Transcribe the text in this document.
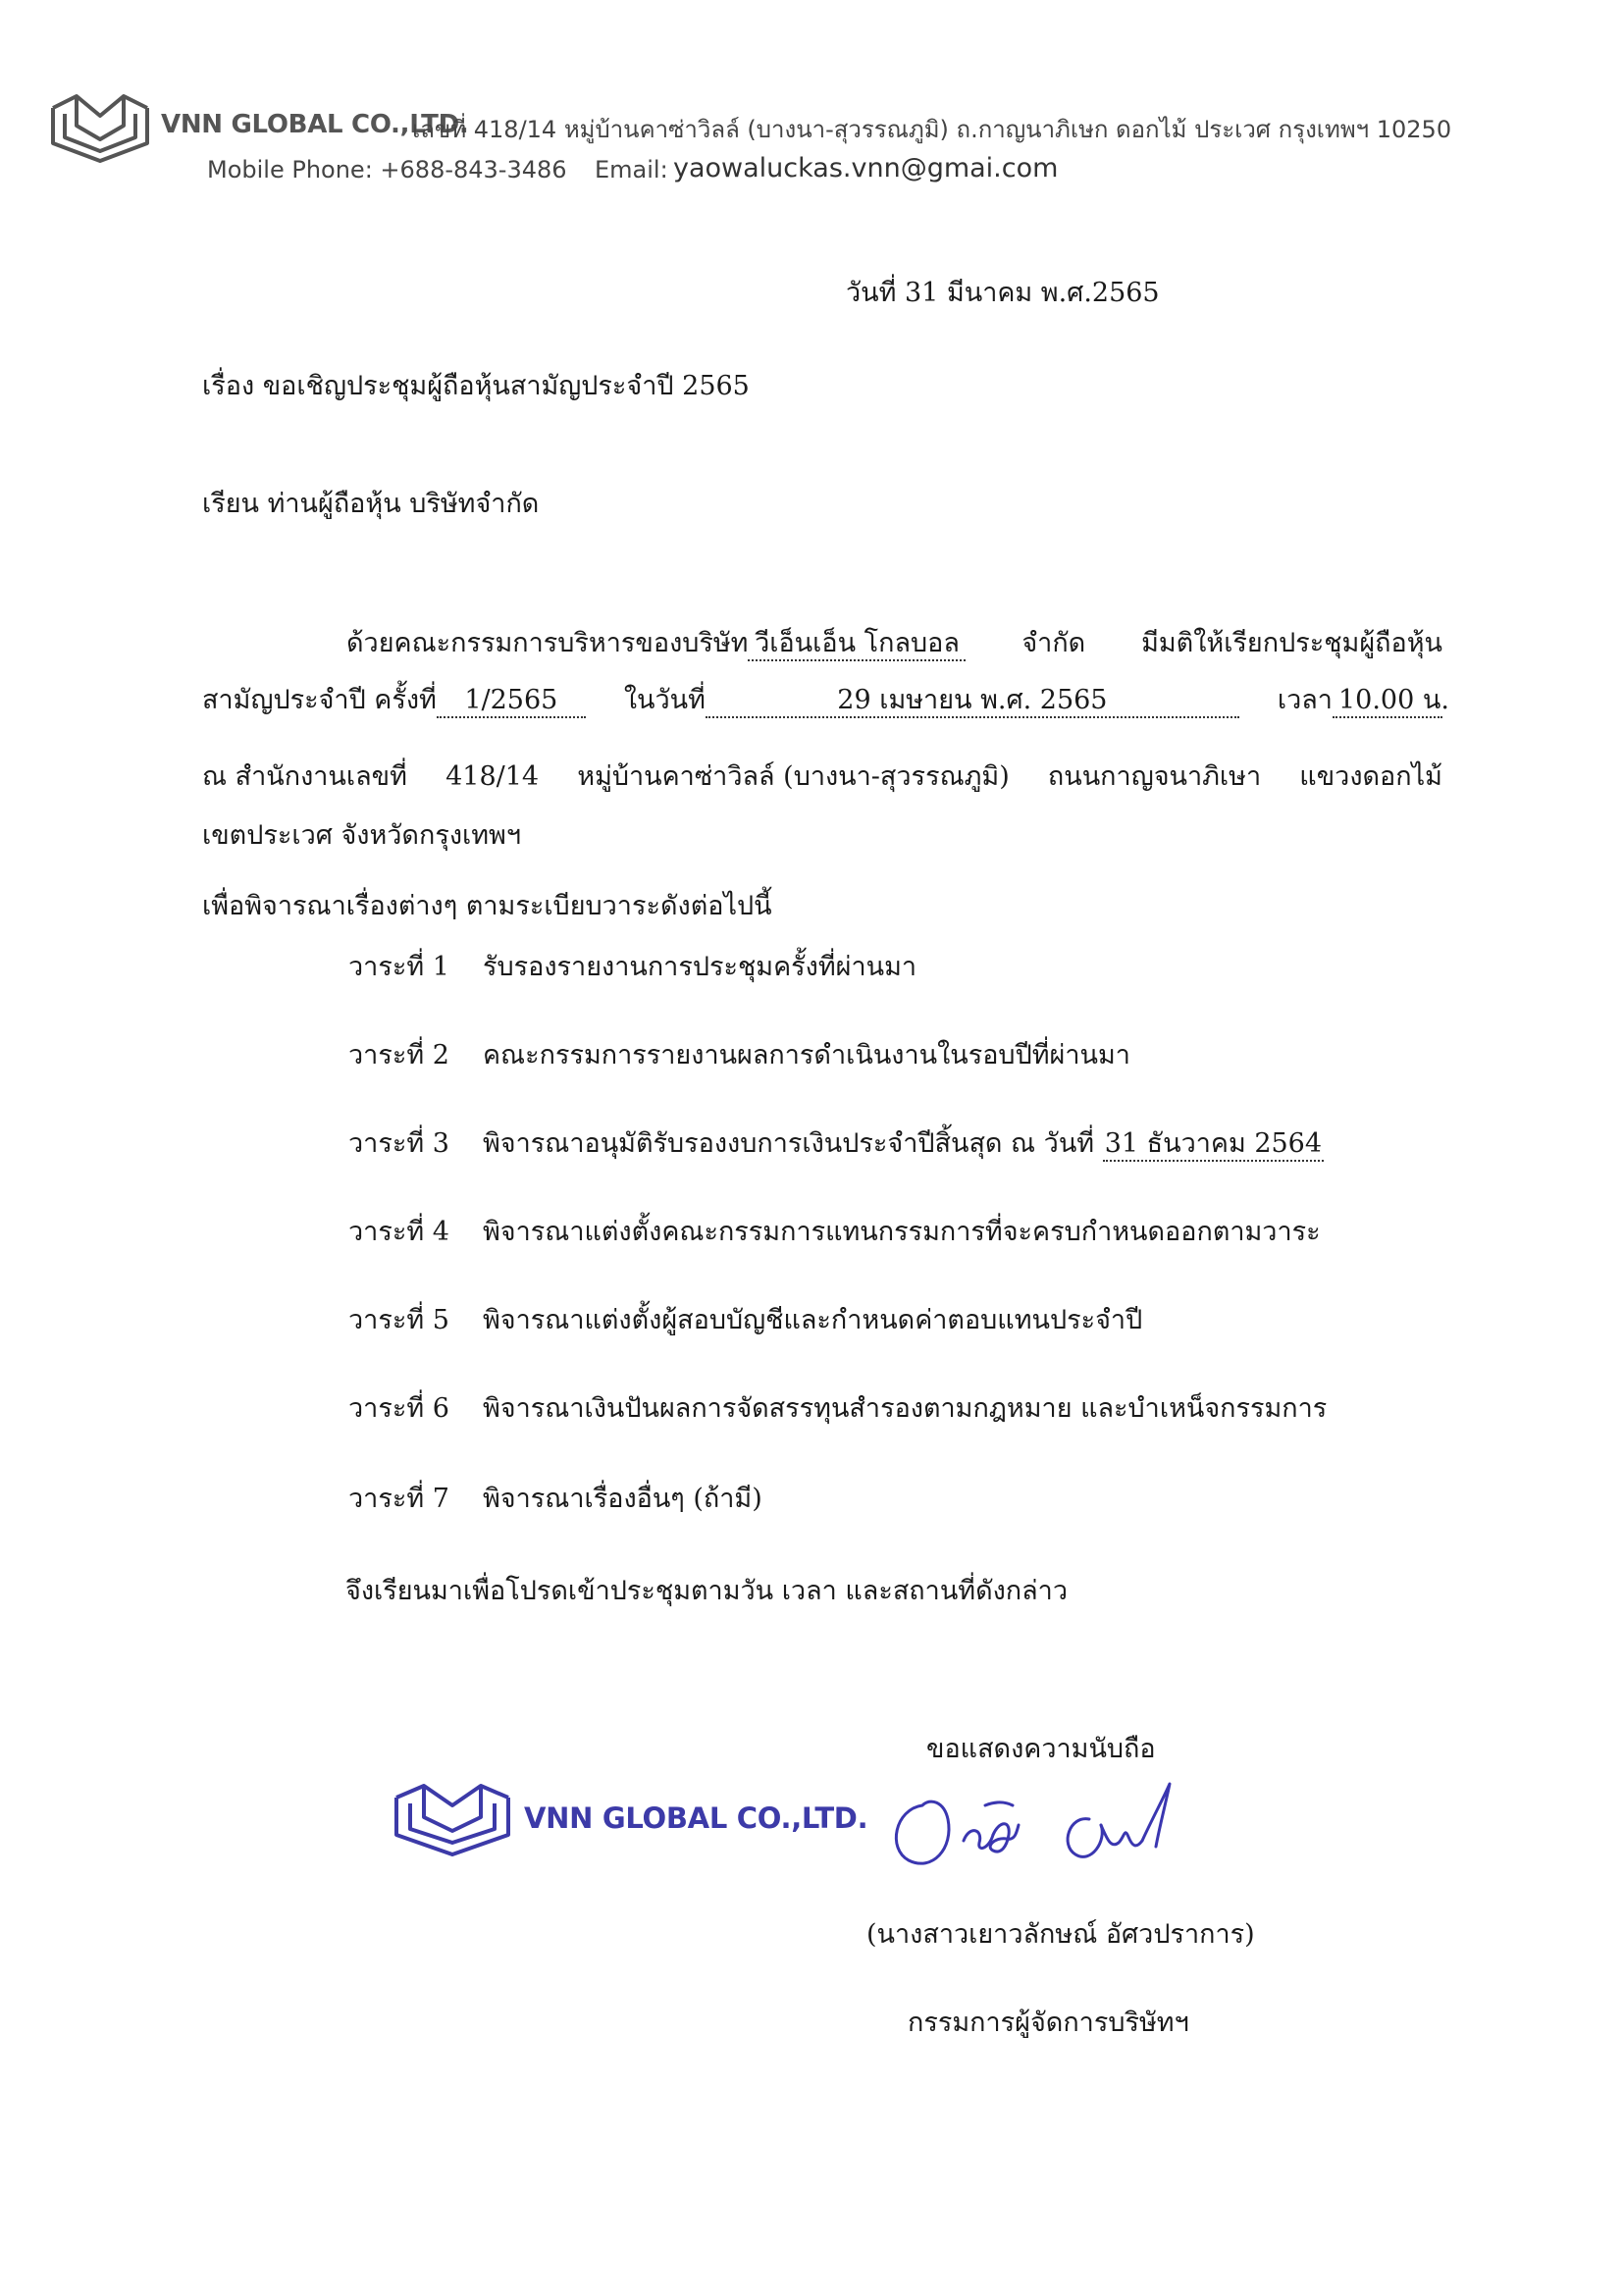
VNN GLOBAL CO.,LTD.
เลขที่ 418/14 หมู่บ้านคาซ่าวิลล์ (บางนา-สุวรรณภูมิ) ถ.กาญนาภิเษก ดอกไม้ ประเวศ กรุงเทพฯ 10250
Mobile Phone: +688-843-3486 Email: yaowaluckas.vnn@gmai.com
วันที่ 31 มีนาคม พ.ศ.2565
เรื่อง ขอเชิญประชุมผู้ถือหุ้นสามัญประจำปี 2565
เรียน ท่านผู้ถือหุ้น บริษัทจำกัด
ด้วยคณะกรรมการบริหารของบริษัท วีเอ็นเอ็น โกลบอล จำกัด มีมติให้เรียกประชุมผู้ถือหุ้น
สามัญประจำปี ครั้งที่ 1/2565	ในวันที่	29 เมษายน พ.ศ. 2565	เวลา 10.00 น.
ณ สำนักงานเลขที่ 418/14 หมู่บ้านคาซ่าวิลล์ (บางนา-สุวรรณภูมิ) ถนนกาญจนาภิเษา แขวงดอกไม้
เขตประเวศ จังหวัดกรุงเทพฯ
เพื่อพิจารณาเรื่องต่างๆ ตามระเบียบวาระดังต่อไปนี้
วาระที่ 1 รับรองรายงานการประชุมครั้งที่ผ่านมา
วาระที่ 2 คณะกรรมการรายงานผลการดำเนินงานในรอบปีที่ผ่านมา
วาระที่ 3 พิจารณาอนุมัติรับรองงบการเงินประจำปีสิ้นสุด ณ วันที่ 31 ธันวาคม 2564
วาระที่ 4 พิจารณาแต่งตั้งคณะกรรมการแทนกรรมการที่จะครบกำหนดออกตามวาระ
วาระที่ 5 พิจารณาแต่งตั้งผู้สอบบัญชีและกำหนดค่าตอบแทนประจำปี
วาระที่ 6 พิจารณาเงินปันผลการจัดสรรทุนสำรองตามกฎหมาย และบำเหน็จกรรมการ
วาระที่ 7 พิจารณาเรื่องอื่นๆ (ถ้ามี)
จึงเรียนมาเพื่อโปรดเข้าประชุมตามวัน เวลา และสถานที่ดังกล่าว
ขอแสดงความนับถือ
VNN GLOBAL CO.,LTD.
(นางสาวเยาวลักษณ์ อัศวปราการ)
กรรมการผู้จัดการบริษัทฯ
